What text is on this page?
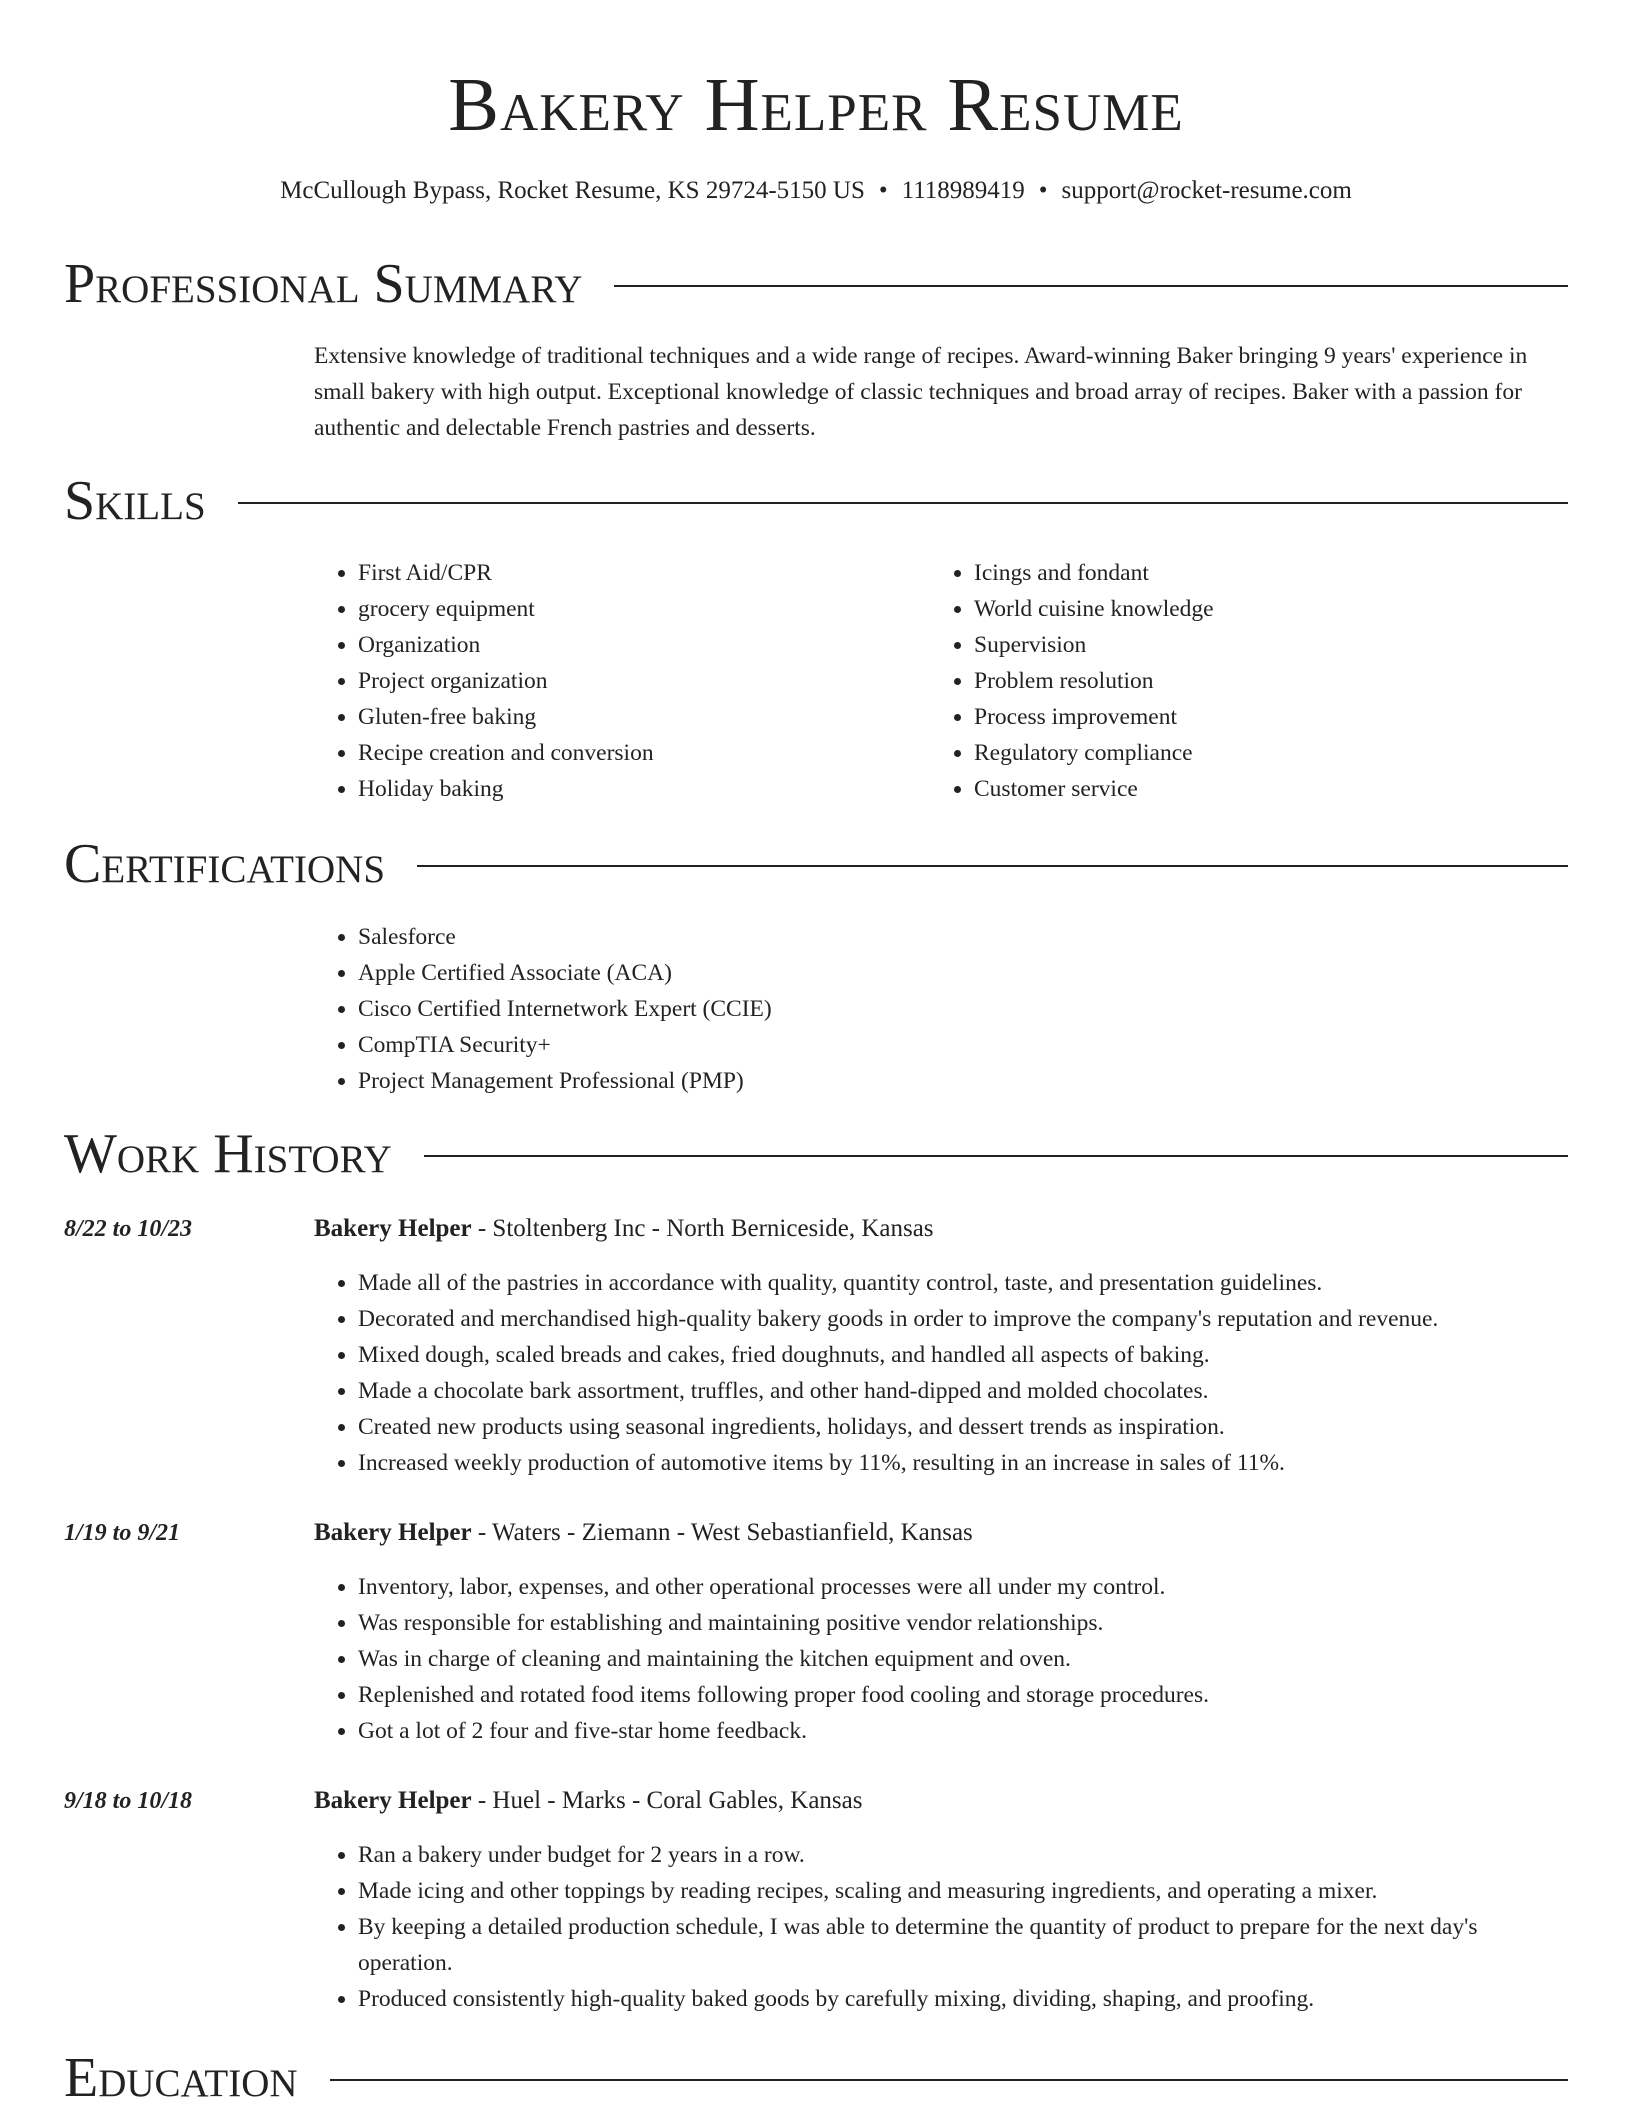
Bakery Helper Resume
McCullough Bypass, Rocket Resume, KS 29724-5150 US • 1118989419 • support@rocket-resume.com
Professional Summary

Extensive knowledge of traditional techniques and a wide range of recipes. Award-winning Baker bringing 9 years' experience in small bakery with high output. Exceptional knowledge of classic techniques and broad array of recipes. Baker with a passion for authentic and delectable French pastries and desserts.

Skills
• First Aid/CPR
• grocery equipment
• Organization
• Project organization
• Gluten-free baking
• Recipe creation and conversion
• Holiday baking
• Icings and fondant
• World cuisine knowledge
• Supervision
• Problem resolution
• Process improvement
• Regulatory compliance
• Customer service
Certifications
• Salesforce
• Apple Certified Associate (ACA)
• Cisco Certified Internetwork Expert (CCIE)
• CompTIA Security+
• Project Management Professional (PMP)
Work History
8/22 to 10/23	Bakery Helper - Stoltenberg Inc - North Berniceside, Kansas
• Made all of the pastries in accordance with quality, quantity control, taste, and presentation guidelines.
• Decorated and merchandised high-quality bakery goods in order to improve the company's reputation and revenue.
• Mixed dough, scaled breads and cakes, fried doughnuts, and handled all aspects of baking.
• Made a chocolate bark assortment, truffles, and other hand-dipped and molded chocolates.
• Created new products using seasonal ingredients, holidays, and dessert trends as inspiration.
• Increased weekly production of automotive items by 11%, resulting in an increase in sales of 11%.
1/19 to 9/21	Bakery Helper - Waters - Ziemann - West Sebastianfield, Kansas
• Inventory, labor, expenses, and other operational processes were all under my control.
• Was responsible for establishing and maintaining positive vendor relationships.
• Was in charge of cleaning and maintaining the kitchen equipment and oven.
• Replenished and rotated food items following proper food cooling and storage procedures.
• Got a lot of 2 four and five-star home feedback.
9/18 to 10/18	Bakery Helper - Huel - Marks - Coral Gables, Kansas
• Ran a bakery under budget for 2 years in a row.
• Made icing and other toppings by reading recipes, scaling and measuring ingredients, and operating a mixer.
• By keeping a detailed production schedule, I was able to determine the quantity of product to prepare for the next day's operation.
• Produced consistently high-quality baked goods by carefully mixing, dividing, shaping, and proofing.
Education
